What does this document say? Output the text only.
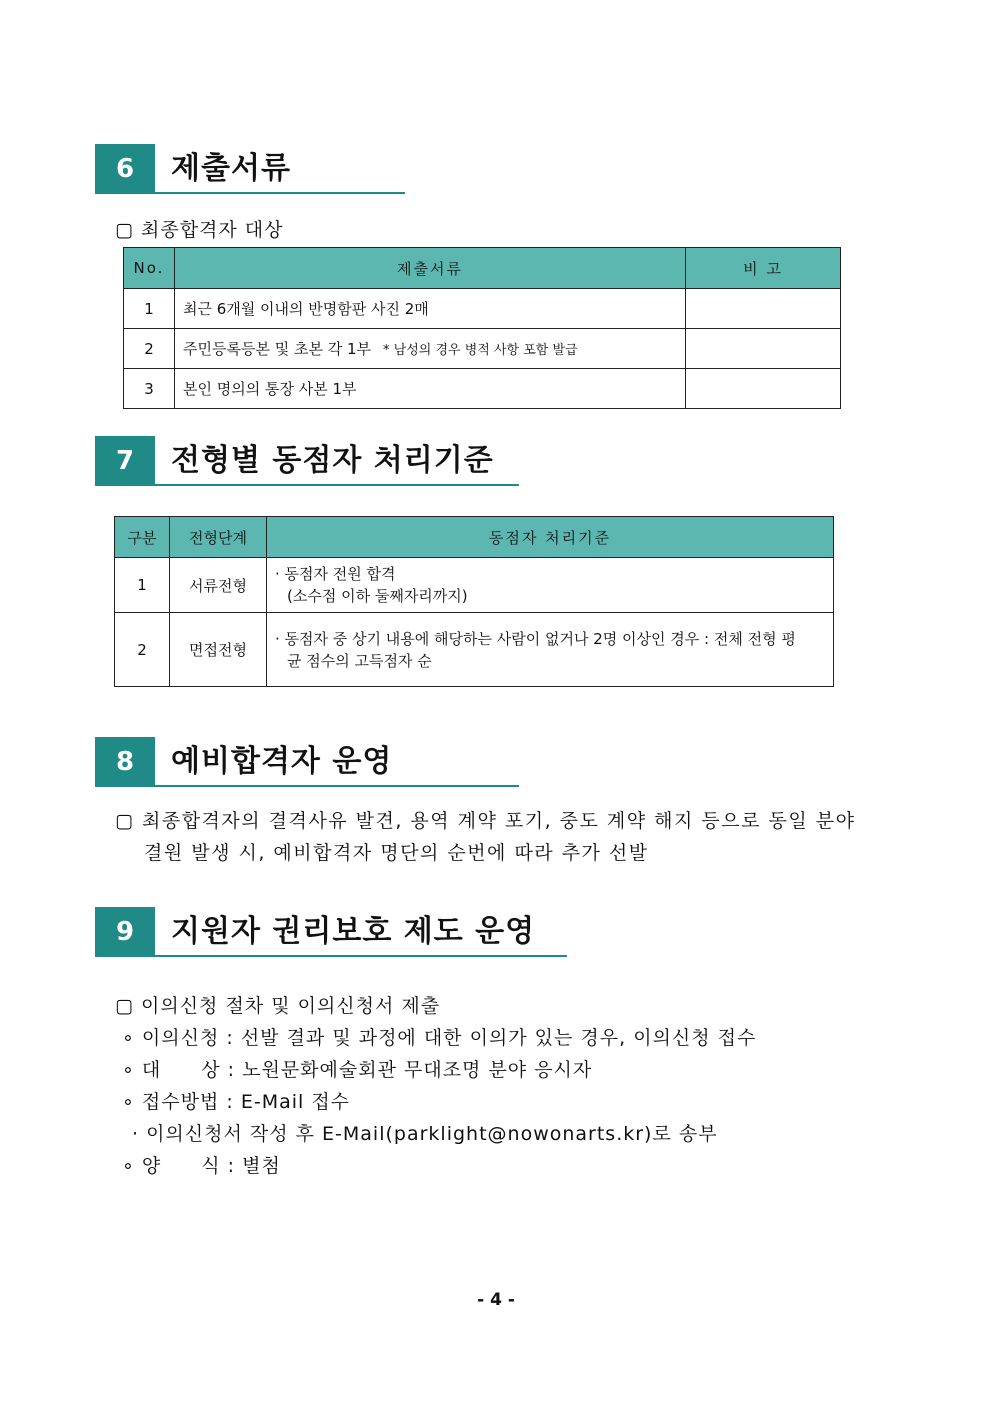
6	제출서류
▢ 최종합격자 대상
No.	제출서류	비 고
1	최근 6개월 이내의 반명함판 사진 2매	
2	주민등록등본 및 초본 각 1부 * 남성의 경우 병적 사항 포함 발급	
3	본인 명의의 통장 사본 1부	
7	전형별 동점자 처리기준
구분	전형단계	동점자 처리기준
1	서류전형	· 동점자 전원 합격
(소수점 이하 둘째자리까지)

2	면접전형	· 동점자 중 상기 내용에 해당하는 사람이 없거나 2명 이상인 경우 : 전체 전형 평
균 점수의 고득점자 순
8	예비합격자 운영
▢ 최종합격자의 결격사유 발견, 용역 계약 포기, 중도 계약 해지 등으로 동일 분야
결원 발생 시, 예비합격자 명단의 순번에 따라 추가 선발
9	지원자 권리보호 제도 운영
▢ 이의신청 절차 및 이의신청서 제출
∘ 이의신청 : 선발 결과 및 과정에 대한 이의가 있는 경우, 이의신청 접수
∘ 대　　상 : 노원문화예술회관 무대조명 분야 응시자
∘ 접수방법 : E-Mail 접수
· 이의신청서 작성 후 E-Mail(parklight@nowonarts.kr)로 송부
∘ 양　　식 : 별첨
- 4 -
